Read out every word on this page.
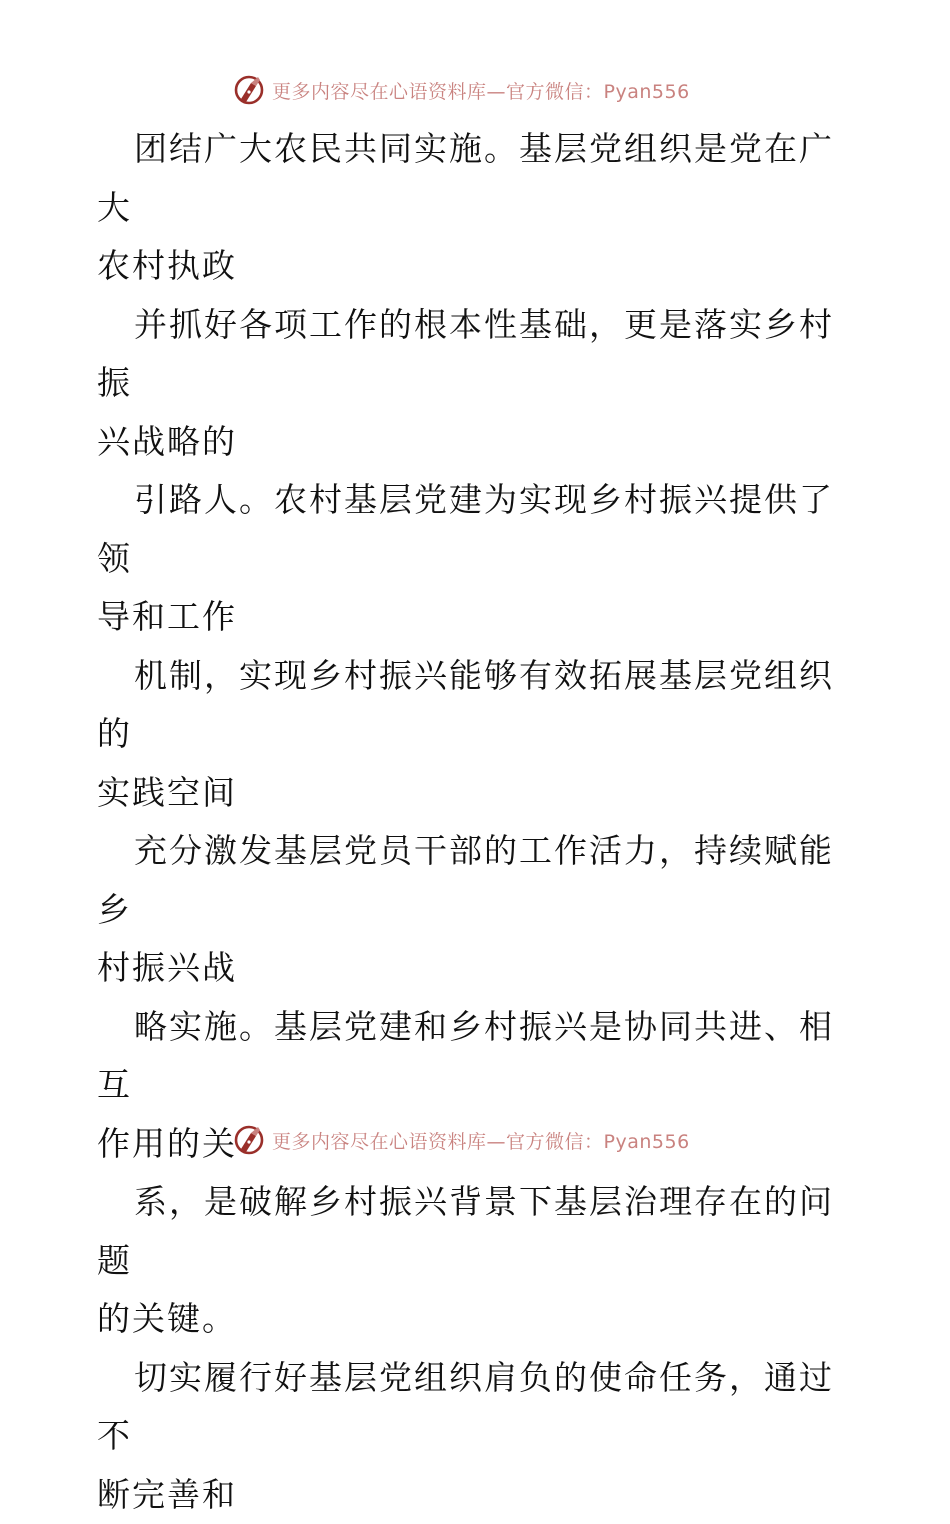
更多内容尽在心语资料库—官方微信：Pyan556

团结广大农民共同实施。基层党组织是党在广大
农村执政

并抓好各项工作的根本性基础，更是落实乡村振
兴战略的

引路人。农村基层党建为实现乡村振兴提供了领
导和工作

机制，实现乡村振兴能够有效拓展基层党组织的
实践空间

充分激发基层党员干部的工作活力，持续赋能乡
村振兴战

略实施。基层党建和乡村振兴是协同共进、相互
作用的关

系，是破解乡村振兴背景下基层治理存在的问题
的关键。

切实履行好基层党组织肩负的使命任务，通过不
断完善和

更多内容尽在心语资料库—官方微信：Pyan556
